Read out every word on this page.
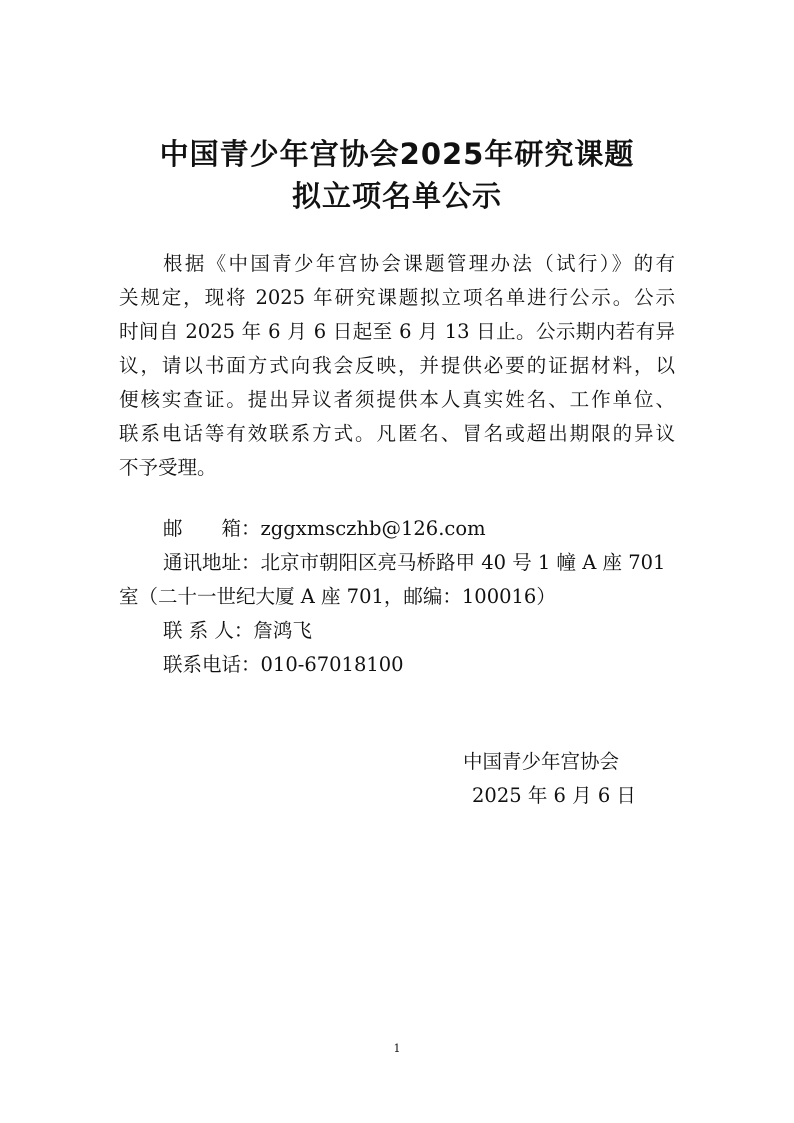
中国青少年宫协会2025年研究课题
拟立项名单公示
根据《中国青少年宫协会课题管理办法（试行）》的有
关规定，现将 2025 年研究课题拟立项名单进行公示。公示
时间自 2025 年 6 月 6 日起至 6 月 13 日止。公示期内若有异
议，请以书面方式向我会反映，并提供必要的证据材料，以
便核实查证。提出异议者须提供本人真实姓名、工作单位、
联系电话等有效联系方式。凡匿名、冒名或超出期限的异议
不予受理。
邮　　箱：zggxmsczhb@126.com
通讯地址：北京市朝阳区亮马桥路甲 40 号 1 幢 A 座 701
室（二十一世纪大厦 A 座 701，邮编：100016）
联 系 人：詹鸿飞
联系电话：010-67018100
中国青少年宫协会
2025 年 6 月 6 日
1
